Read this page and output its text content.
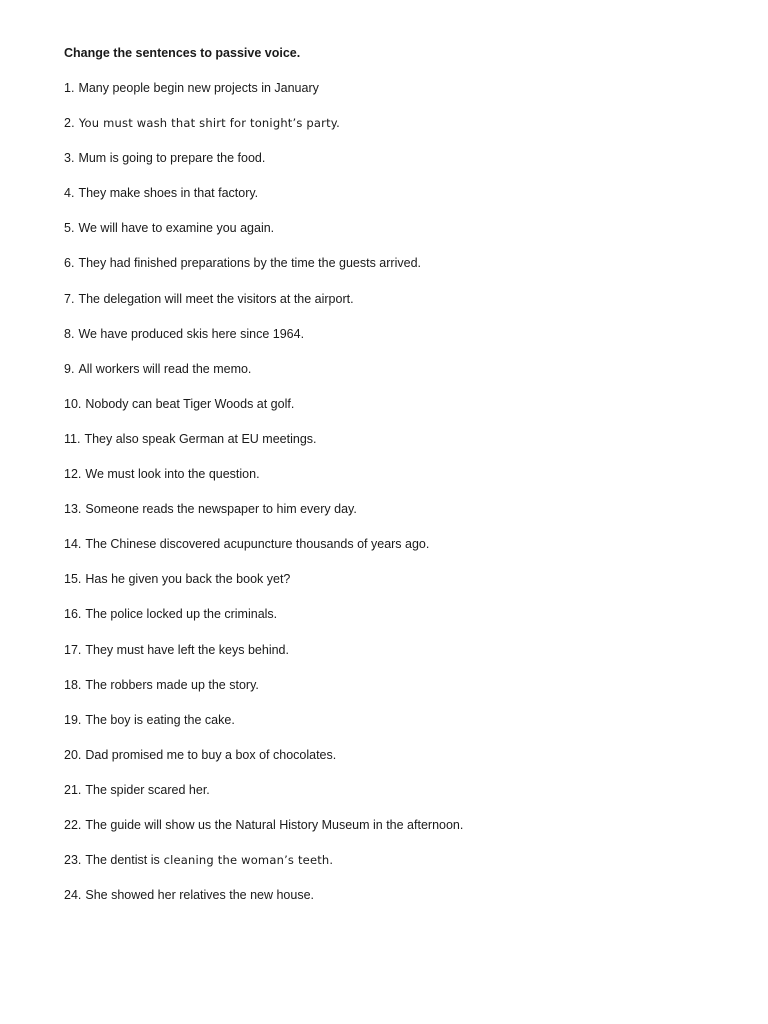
Change the sentences to passive voice.
1. Many people begin new projects in January
2. You must wash that shirt for tonight’s party.
3. Mum is going to prepare the food.
4. They make shoes in that factory.
5. We will have to examine you again.
6. They had finished preparations by the time the guests arrived.
7. The delegation will meet the visitors at the airport.
8. We have produced skis here since 1964.
9. All workers will read the memo.
10. Nobody can beat Tiger Woods at golf.
11. They also speak German at EU meetings.
12. We must look into the question.
13. Someone reads the newspaper to him every day.
14. The Chinese discovered acupuncture thousands of years ago.
15. Has he given you back the book yet?
16. The police locked up the criminals.
17. They must have left the keys behind.
18. The robbers made up the story.
19. The boy is eating the cake.
20. Dad promised me to buy a box of chocolates.
21. The spider scared her.
22. The guide will show us the Natural History Museum in the afternoon.
23. The dentist is cleaning the woman’s teeth.
24. She showed her relatives the new house.
